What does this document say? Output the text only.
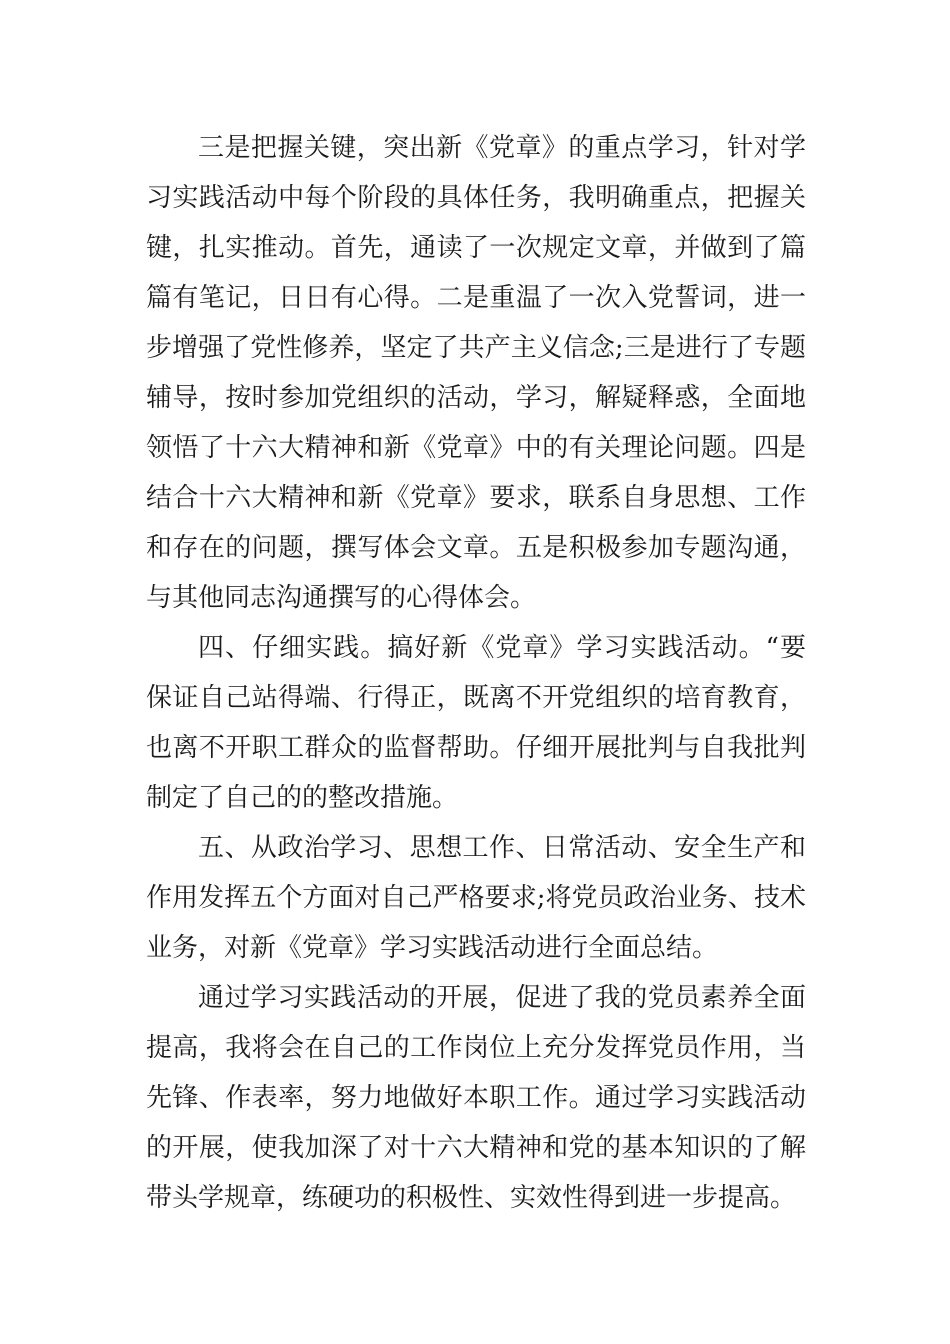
三是把握关键，突出新《党章》的重点学习，针对学习实践活动中每个阶段的具体任务，我明确重点，把握关键，扎实推动。首先，通读了一次规定文章，并做到了篇篇有笔记，日日有心得。二是重温了一次入党誓词，进一步增强了党性修养，坚定了共产主义信念;三是进行了专题辅导，按时参加党组织的活动，学习，解疑释惑，全面地领悟了十六大精神和新《党章》中的有关理论问题。四是结合十六大精神和新《党章》要求，联系自身思想、工作和存在的问题，撰写体会文章。五是积极参加专题沟通，与其他同志沟通撰写的心得体会。

四、仔细实践。搞好新《党章》学习实践活动。“要保证自己站得端、行得正，既离不开党组织的培育教育，也离不开职工群众的监督帮助。仔细开展批判与自我批判制定了自己的的整改措施。

五、从政治学习、思想工作、日常活动、安全生产和作用发挥五个方面对自己严格要求;将党员政治业务、技术业务，对新《党章》学习实践活动进行全面总结。

通过学习实践活动的开展，促进了我的党员素养全面提高，我将会在自己的工作岗位上充分发挥党员作用，当先锋、作表率，努力地做好本职工作。通过学习实践活动的开展，使我加深了对十六大精神和党的基本知识的了解带头学规章，练硬功的积极性、实效性得到进一步提高。
